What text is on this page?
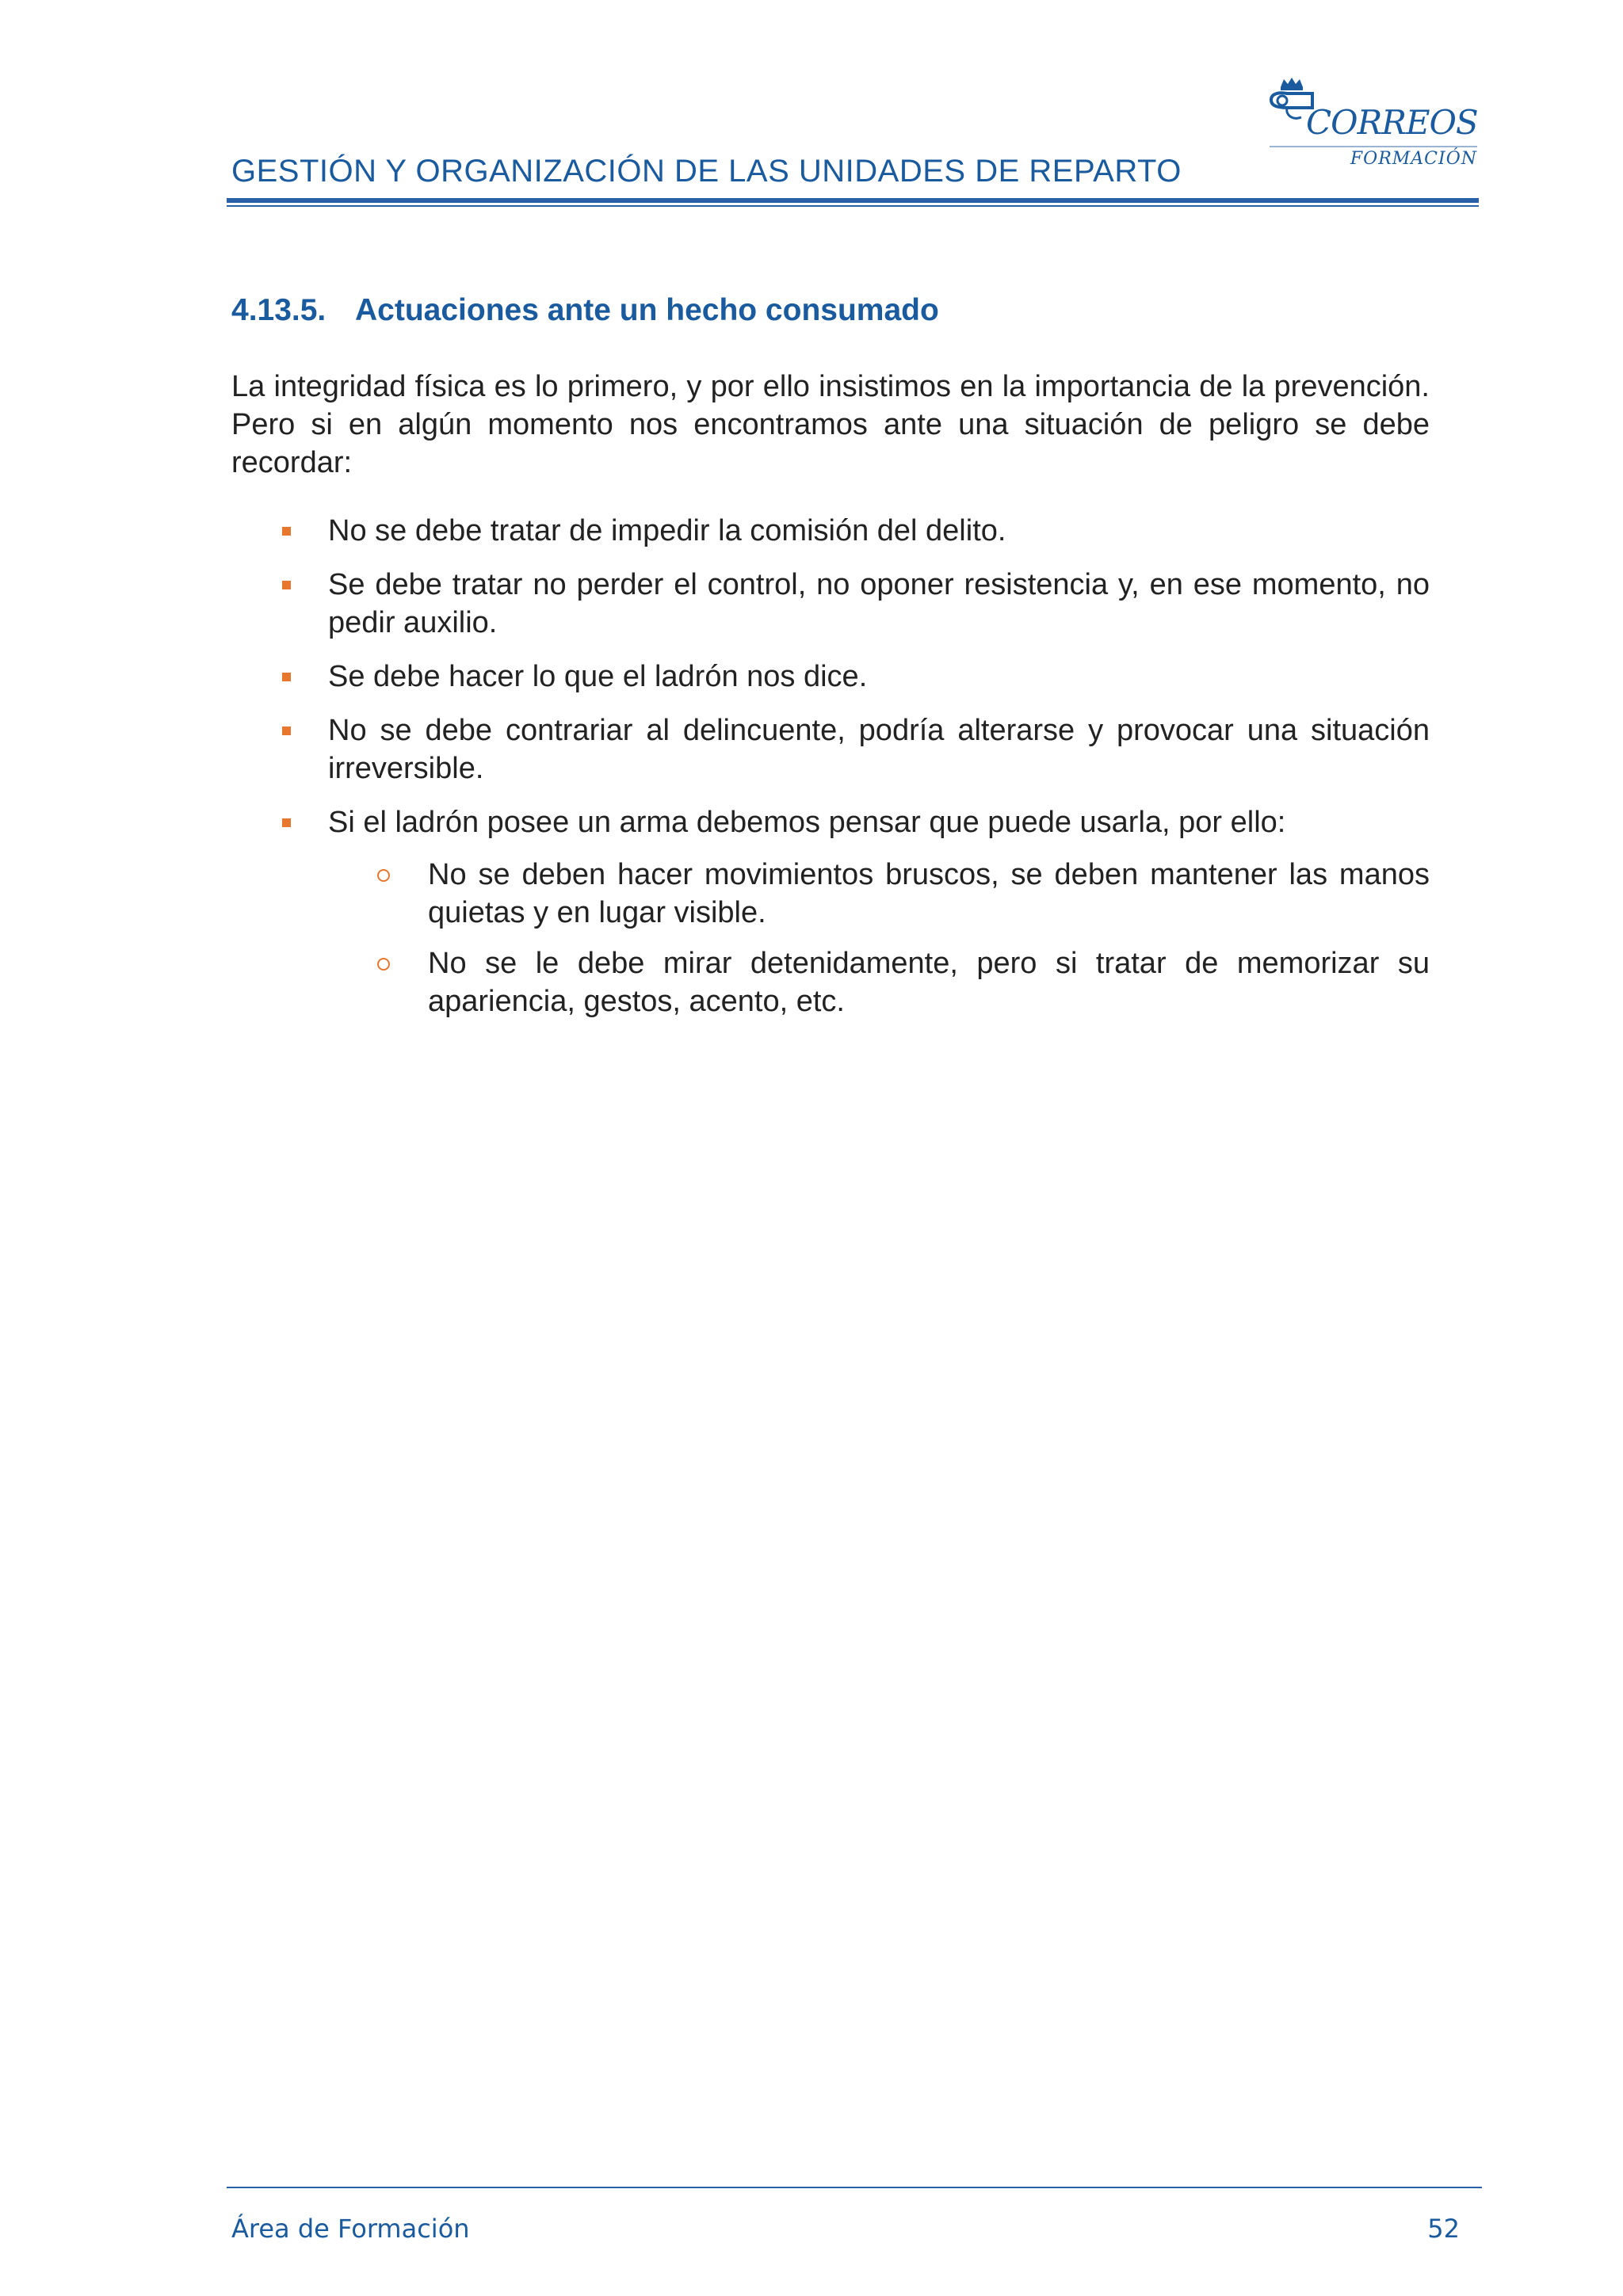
GESTIÓN Y ORGANIZACIÓN DE LAS UNIDADES DE REPARTO
CORREOS
FORMACIÓN
4.13.5. Actuaciones ante un hecho consumado

La integridad física es lo primero, y por ello insistimos en la importancia de la prevención. Pero si en algún momento nos encontramos ante una situación de peligro se debe recordar:

No se debe tratar de impedir la comisión del delito.
Se debe tratar no perder el control, no oponer resistencia y, en ese momento, no pedir auxilio.
Se debe hacer lo que el ladrón nos dice.
No se debe contrariar al delincuente, podría alterarse y provocar una situación irreversible.
Si el ladrón posee un arma debemos pensar que puede usarla, por ello:
No se deben hacer movimientos bruscos, se deben mantener las manos quietas y en lugar visible.
No se le debe mirar detenidamente, pero si tratar de memorizar su apariencia, gestos, acento, etc.
Área de Formación	52
